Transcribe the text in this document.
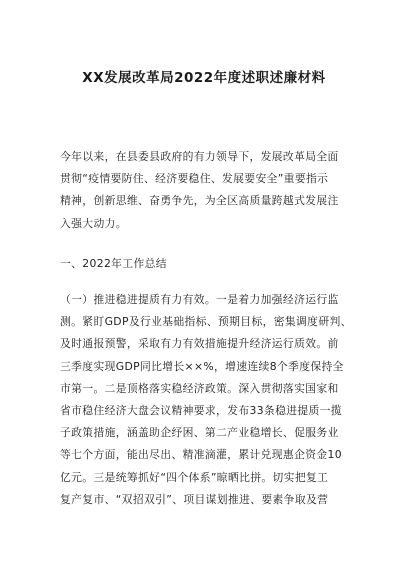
XX发展改革局2022年度述职述廉材料
今年以来，在县委县政府的有力领导下，发展改革局全面
贯彻“疫情要防住、经济要稳住、发展要安全”重要指示
精神，创新思维、奋勇争先，为全区高质量跨越式发展注
入强大动力。
一、2022年工作总结
（一）推进稳进提质有力有效。一是着力加强经济运行监
测。紧盯GDP及行业基础指标、预期目标，密集调度研判、
及时通报预警，采取有力有效措施提升经济运行质效。前
三季度实现GDP同比增长××%，增速连续8个季度保持全
市第一。二是顶格落实稳经济政策。深入贯彻落实国家和
省市稳住经济大盘会议精神要求，发布33条稳进提质一揽
子政策措施，涵盖助企纾困、第二产业稳增长、促服务业
等七个方面，能出尽出、精准滴灌，累计兑现惠企资金10
亿元。三是统筹抓好“四个体系”晾晒比拼。切实把复工
复产复市、“双招双引”、项目谋划推进、要素争取及营
